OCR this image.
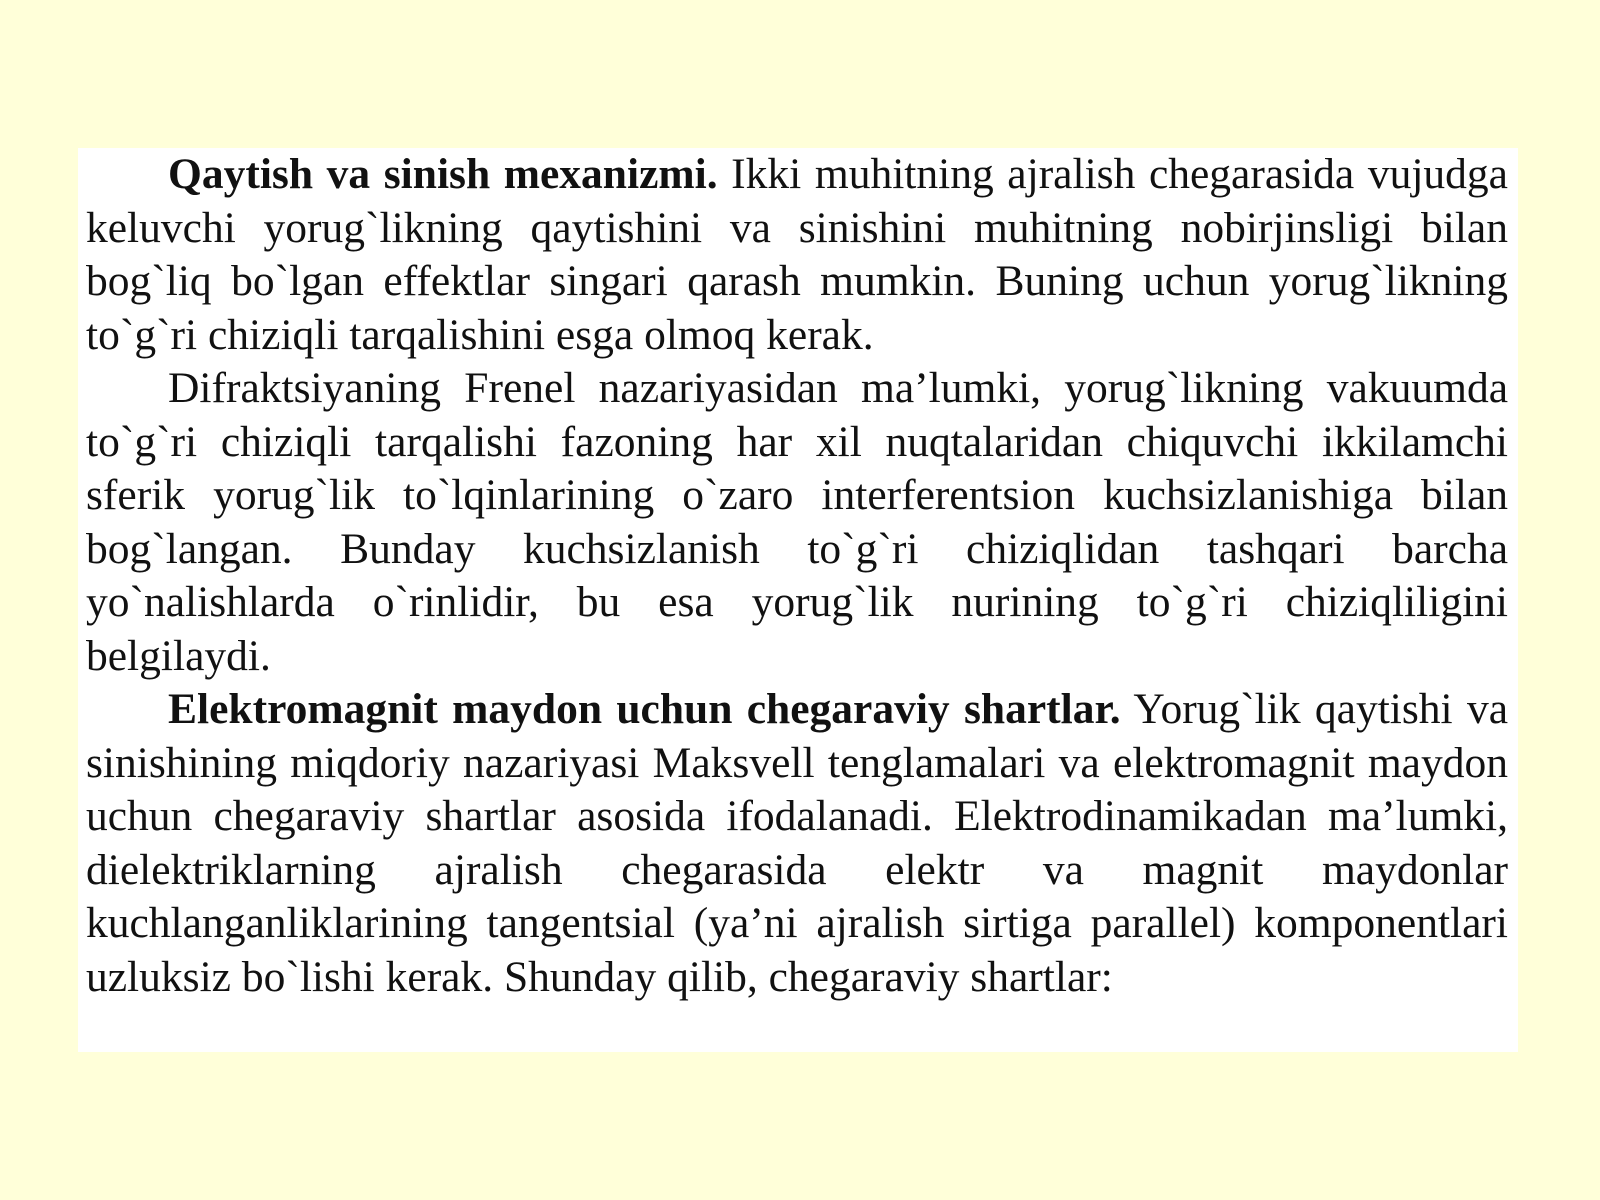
Qaytish va sinish mexanizmi. Ikki muhitning ajralish chegarasida vujudga keluvchi yorug`likning qaytishini va sinishini muhitning nobirjinsligi bilan bog`liq bo`lgan effektlar singari qarash mumkin. Buning uchun yorug`likning to`g`ri chiziqli tarqalishini esga olmoq kerak.

Difraktsiyaning Frenel nazariyasidan ma’lumki, yorug`likning vakuumda to`g`ri chiziqli tarqalishi fazoning har xil nuqtalaridan chiquvchi ikkilamchi sferik yorug`lik to`lqinlarining o`zaro interferentsion kuchsizlanishiga bilan bog`langan. Bunday kuchsizlanish to`g`ri chiziqlidan tashqari barcha yo`nalishlarda o`rinlidir, bu esa yorug`lik nurining to`g`ri chiziqliligini belgilaydi.

Elektromagnit maydon uchun chegaraviy shartlar. Yorug`lik qaytishi va sinishining miqdoriy nazariyasi Maksvell tenglamalari va elektromagnit maydon uchun chegaraviy shartlar asosida ifodalanadi. Elektrodinamikadan ma’lumki, dielektriklarning ajralish chegarasida elektr va magnit maydonlar kuchlanganliklarining tangentsial (ya’ni ajralish sirtiga parallel) komponentlari uzluksiz bo`lishi kerak. Shunday qilib, chegaraviy shartlar:
